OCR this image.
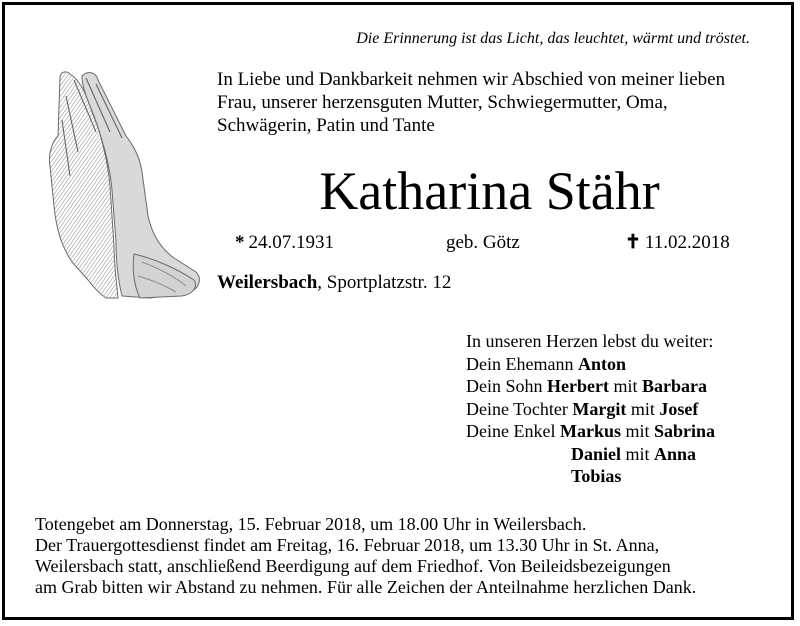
Die Erinnerung ist das Licht, das leuchtet, wärmt und tröstet.
In Liebe und Dankbarkeit nehmen wir Abschied von meiner lieben
Frau, unserer herzensguten Mutter, Schwiegermutter, Oma,
Schwägerin, Patin und Tante
Katharina Stähr
* 24.07.1931	geb. Götz	✝ 11.02.2018
Weilersbach, Sportplatzstr. 12
In unseren Herzen lebst du weiter:
Dein Ehemann Anton
Dein Sohn Herbert mit Barbara
Deine Tochter Margit mit Josef
Deine Enkel Markus mit Sabrina
Daniel mit Anna
Tobias
Totengebet am Donnerstag, 15. Februar 2018, um 18.00 Uhr in Weilersbach.
Der Trauergottesdienst findet am Freitag, 16. Februar 2018, um 13.30 Uhr in St. Anna,
Weilersbach statt, anschließend Beerdigung auf dem Friedhof. Von Beileidsbezeigungen
am Grab bitten wir Abstand zu nehmen. Für alle Zeichen der Anteilnahme herzlichen Dank.
